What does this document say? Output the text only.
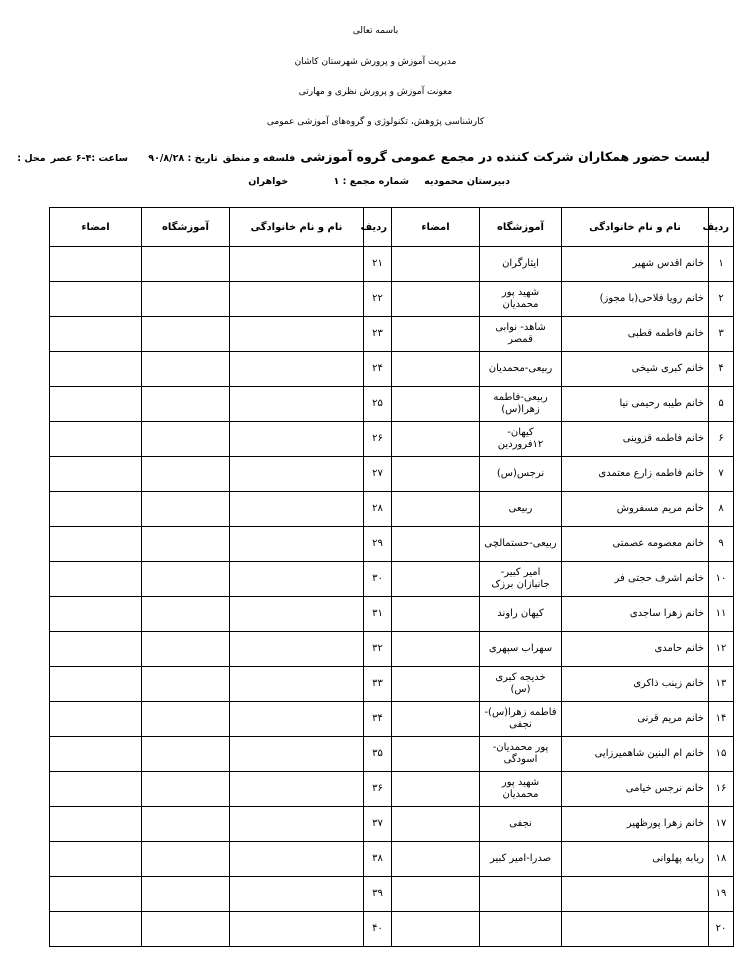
باسمه تعالی
مدیریت آموزش و پرورش شهرستان کاشان
معونت آموزش و پرورش نظری و مهارتی
کارشناسی پژوهش، تکنولوژی و گروه‌های آموزشی عمومی
لیست حضور همکاران شرکت کننده در مجمع عمومی گروه آموزشی فلسفه و منطق تاریخ : ۹۰/۸/۲۸    ساعت :۴-۶ عصر محل :
دبیرستان محمودیه شماره مجمع : ۱ خواهران
ردیف	نام و نام خانوادگی	آموزشگاه	امضاء	ردیف	نام و نام خانوادگی	آموزشگاه	امضاء
۱	خانم اقدس شهیر	ایثارگران		۲۱			
۲	خانم رویا فلاحی(با مجوز)	شهید پور محمدیان		۲۲			
۳	خانم فاطمه قطبی	شاهد- نوابی قمصر		۲۳			
۴	خانم کبری شیخی	ربیعی-محمدیان		۲۴			
۵	خانم طیبه رحیمی نیا	ربیعی-فاطمه زهرا(س)		۲۵			
۶	خانم فاطمه قزوینی	کیهان- ۱۲فروردین		۲۶			
۷	خانم فاطمه زارع معتمدی	نرجس(س)		۲۷			
۸	خانم مریم مسفروش	ربیعی		۲۸			
۹	خانم معصومه عصمتی	ربیعی-حستمالچی		۲۹			
۱۰	خانم اشرف حجتی فر	امیر کبیر- جانبازان برزک		۳۰			
۱۱	خانم زهرا ساجدی	کیهان راوند		۳۱			
۱۲	خانم حامدی	سهراب سپهری		۳۲			
۱۳	خانم زینب ذاکری	خدیجه کبری (س)		۳۳			
۱۴	خانم مریم قرنی	فاطمه زهرا(س)-نجفی		۳۴			
۱۵	خانم ام البنین شاهمیرزایی	پور محمدیان- اسودگی		۳۵			
۱۶	خانم نرجس خیامی	شهید پور محمدیان		۳۶			
۱۷	خانم زهرا پورظهیر	نجفی		۳۷			
۱۸	ریابه پهلوانی	صدرا-امیر کبیر		۳۸			
۱۹				۳۹			
۲۰				۴۰			
